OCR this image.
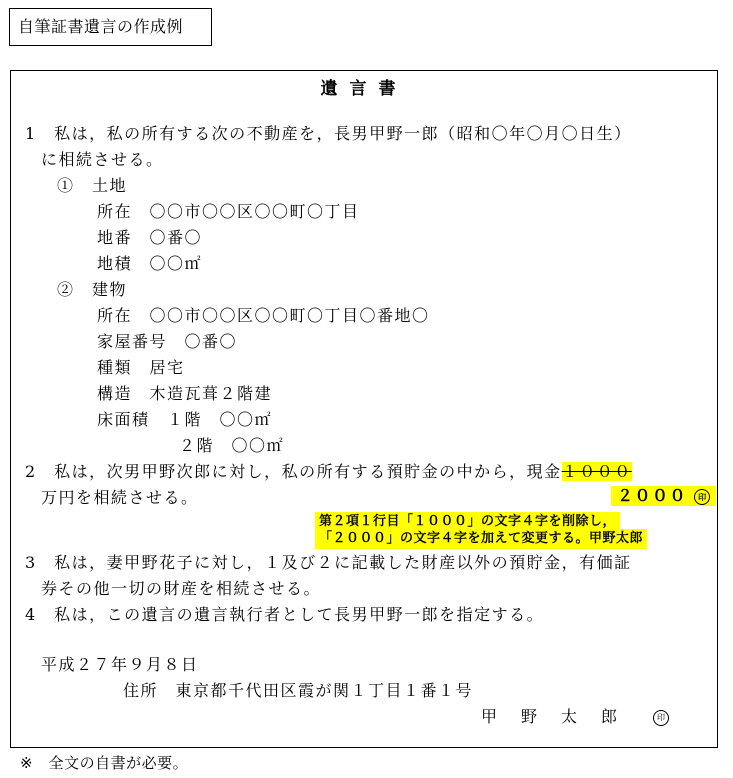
自筆証書遺言の作成例
遺言書
1　私は，私の所有する次の不動産を，長男甲野一郎（昭和〇年〇月〇日生）
に相続させる。
①　土地
所在　〇〇市〇〇区〇〇町〇丁目
地番　〇番〇
地積　〇〇㎡
②　建物
所在　〇〇市〇〇区〇〇町〇丁目〇番地〇
家屋番号　〇番〇
種類　居宅
構造　木造瓦葺２階建
床面積　１階　〇〇㎡
２階　〇〇㎡
2　私は，次男甲野次郎に対し，私の所有する預貯金の中から，現金１０００
万円を相続させる。	２０００ 印
第２項１行目「１０００」の文字４字を削除し，
「２０００」の文字４字を加えて変更する。甲野太郎
3　私は，妻甲野花子に対し，１及び２に記載した財産以外の預貯金，有価証
券その他一切の財産を相続させる。
4　私は，この遺言の遺言執行者として長男甲野一郎を指定する。
平成２７年９月８日
住所　東京都千代田区霞が関１丁目１番１号
甲　野　太　郎	印
※　全文の自書が必要。
